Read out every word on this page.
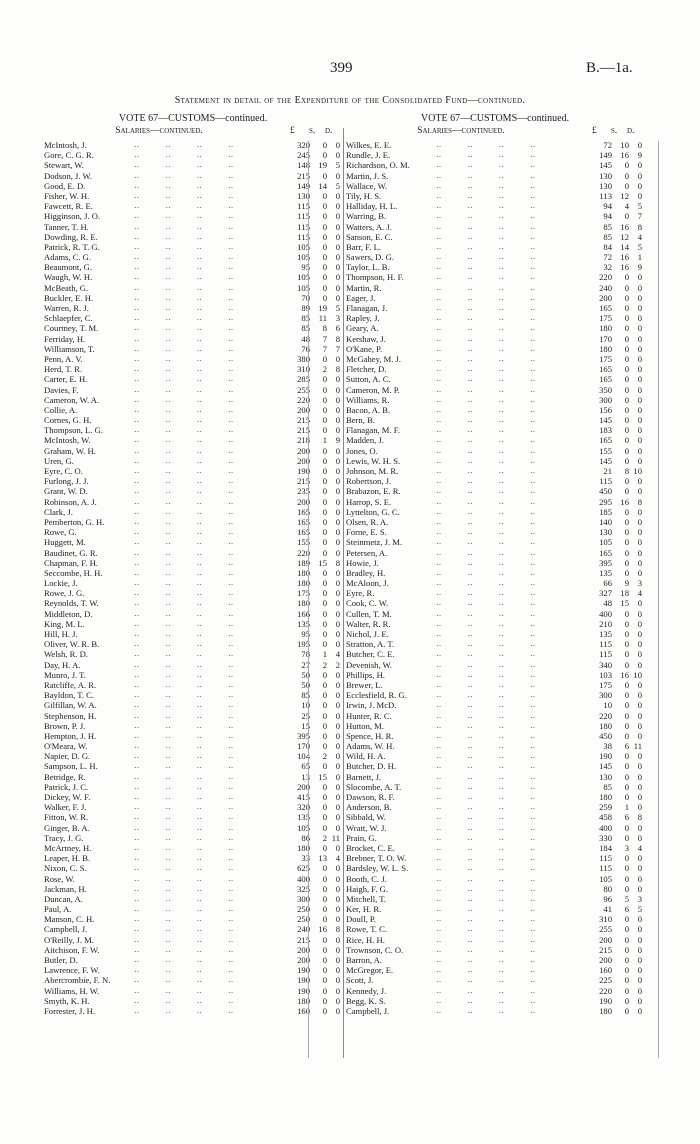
399	B.—1a.
Statement in detail of the Expenditure of the Consolidated Fund—continued.
VOTE 67—CUSTOMS—continued.
Salaries—continued.	£ s. d.
McIntosh, J.	320	0	0
‥‥‥‥
Gore, C. G. R.	245	0	0
‥‥‥‥
Stewart, W.	148 19	5
‥‥‥‥
Dodson, J. W.	215	0	0
‥‥‥‥
Good, E. D.	149 14	5
‥‥‥‥
Fisher, W. H.	130	0	0
‥‥‥‥
Fawcett, R. E.	115	0	0
‥‥‥‥
Higginson, J. O.	115	0	0
‥‥‥‥
Tanner, T. H.	115	0	0
‥‥‥‥
Dowding, R. E.	115	0	0
‥‥‥‥
Patrick, R. T. G.	105	0	0
‥‥‥‥
Adams, C. G.	105	0	0
‥‥‥‥
Beaumont, G.	95	0	0
‥‥‥‥
Waugh, W. H.	105	0	0
‥‥‥‥
McBeath, G.	105	0	0
‥‥‥‥
Buckler, E. H.	70	0	0
‥‥‥‥
Warren, R. J.	89 19	5
‥‥‥‥
Schlaepfer, C.	85	11	3
‥‥‥‥
Courtney, T. M.	85	8	6
‥‥‥‥
Ferriday, H.	48	7	8
‥‥‥‥
Williamson, T.	76	7	7
‥‥‥‥
Penn, A. V.	380	0	0
‥‥‥‥
Herd, T. R.	310	2	8
‥‥‥‥
Carter, E. H.	285	0	0
‥‥‥‥
Davies, F.	255	0	0
‥‥‥‥
Cameron, W. A.	220	0	0
‥‥‥‥
Collie, A.	200	0	0
‥‥‥‥
Cornes, G. H.	215	0	0
‥‥‥‥
Thompson, L. G.	215	0	0
‥‥‥‥
McIntosh, W.	218	1	9
‥‥‥‥
Graham, W. H.	200	0	0
‥‥‥‥
Uren, G.	200	0	0
‥‥‥‥
Eyre, C. O.	190	0	0
‥‥‥‥
Furlong, J. J.	215	0	0
‥‥‥‥
Grant, W. D.	235	0	0
‥‥‥‥
Robinson, A. J.	200	0	0
‥‥‥‥
Clark, J.	165	0	0
‥‥‥‥
Pemberton, G. H.	165	0	0
‥‥‥‥
Rowe, G.	165	0	0
‥‥‥‥
Huggett, M.	155	0	0
‥‥‥‥
Baudinet, G. R.	220	0	0
‥‥‥‥
Chapman, F. H.	189 15	8
‥‥‥‥
Seccombe, H. H.	180	0	0
‥‥‥‥
Lockie, J.	180	0	0
‥‥‥‥
Rowe, J. G.	175	0	0
‥‥‥‥
Reynolds, T. W.	180	0	0
‥‥‥‥
Middleton, D.	166	0	0
‥‥‥‥
King, M. L.	135	0	0
‥‥‥‥
Hill, H. J.	95	0	0
‥‥‥‥
Oliver, W. R. B.	195	0	0
‥‥‥‥
Welsh, R. D.	78	1	4
‥‥‥‥
Day, H. A.	27	2	2
‥‥‥‥
Munro, J. T.	50	0	0
‥‥‥‥
Ratcliffe, A. R.	50	0	0
‥‥‥‥
Bayldon, T. C.	85	0	0
‥‥‥‥
Gilfillan, W. A.	10	0	0
‥‥‥‥
Stephenson, H.	25	0	0
‥‥‥‥
Brown, P. J.	15	0	0
‥‥‥‥
Hempton, J. H.	395	0	0
‥‥‥‥
O'Meara, W.	170	0	0
‥‥‥‥
Napier, D. G.	104	2	0
‥‥‥‥
Sampson, L. H.	65	0	0
‥‥‥‥
Betridge, R.	13 15	0
‥‥‥‥
Patrick, J. C.	200	0	0
‥‥‥‥
Dickey, W. F.	415	0	0
‥‥‥‥
Walker, F. J.	320	0	0
‥‥‥‥
Fitton, W. R.	135	0	0
‥‥‥‥
Ginger, B. A.	105	0	0
‥‥‥‥
Tracy, J. G.	86	2 11
‥‥‥‥
McArtney, H.	180	0	0
‥‥‥‥
Leaper, H. B.	33 13	4
‥‥‥‥
Nixon, C. S.	625	0	0
‥‥‥‥
Rose, W.	400	0	0
‥‥‥‥
Jackman, H.	325	0	0
‥‥‥‥
Duncan, A.	300	0	0
‥‥‥‥
Paul, A.	250	0	0
‥‥‥‥
Manson, C. H.	250	0	0
‥‥‥‥
Campbell, J.	240 16	8
‥‥‥‥
O'Reilly, J. M.	215	0	0
‥‥‥‥
Aitchison, F. W.	200	0	0
‥‥‥‥
Butler, D.	200	0	0
‥‥‥‥
Lawrence, F. W.	190	0	0
‥‥‥‥
Abercrombie, F. N.	190	0	0
‥‥‥‥
Williams, H. W.	190	0	0
‥‥‥‥
Smyth, K. H.	180	0	0
‥‥‥‥
Forrester, J. H.	160	0	0
‥‥‥‥
VOTE 67—CUSTOMS—continued.
Salaries—continued.	£ s. d.
Wilkes, E. E.	72 10	0
‥‥‥‥
Rundle, J. E.	149 16	9
‥‥‥‥
Richardson, O. M.	145	0	0
‥‥‥‥
Martin, J. S.	130	0	0
‥‥‥‥
Wallace, W.	130	0	0
‥‥‥‥
Tily, H. S.	113 12	0
‥‥‥‥
Halliday, H. L.	94	4	5
‥‥‥‥
Warring, B.	94	0	7
‥‥‥‥
Watters, A. J.	85 16	8
‥‥‥‥
Sanson, E. C.	85 12	4
‥‥‥‥
Barr, F. L.	84 14	5
‥‥‥‥
Sawers, D. G.	72 16	1
‥‥‥‥
Taylor, L. B.	32 16	9
‥‥‥‥
Thompson, H. F.	220	0	0
‥‥‥‥
Martin, R.	240	0	0
‥‥‥‥
Eager, J.	200	0	0
‥‥‥‥
Flanagan, J.	165	0	0
‥‥‥‥
Rapley, J.	175	0	0
‥‥‥‥
Geary, A.	180	0	0
‥‥‥‥
Kershaw, J.	170	0	0
‥‥‥‥
O'Kane, P.	180	0	0
‥‥‥‥
McGahey, M. J.	175	0	0
‥‥‥‥
Fletcher, D.	165	0	0
‥‥‥‥
Sutton, A. C.	165	0	0
‥‥‥‥
Cameron, M. P.	350	0	0
‥‥‥‥
Williams, R.	300	0	0
‥‥‥‥
Bacon, A. B.	156	0	0
‥‥‥‥
Bern, B.	145	0	0
‥‥‥‥
Flanagan, M. F.	183	0	0
‥‥‥‥
Madden, J.	165	0	0
‥‥‥‥
Jones, O.	155	0	0
‥‥‥‥
Lewis, W. H. S.	145	0	0
‥‥‥‥
Johnson, M. R.	21	8 10
‥‥‥‥
Robertson, J.	115	0	0
‥‥‥‥
Brabazon, E. R.	450	0	0
‥‥‥‥
Harrop, S. E.	295 16	8
‥‥‥‥
Lyttelton, G. C.	185	0	0
‥‥‥‥
Olsen, R. A.	140	0	0
‥‥‥‥
Forne, E. S.	130	0	0
‥‥‥‥
Steinmetz, J. M.	105	0	0
‥‥‥‥
Petersen, A.	165	0	0
‥‥‥‥
Howie, J.	395	0	0
‥‥‥‥
Bradley, H.	135	0	0
‥‥‥‥
McAloon, J.	66	9	3
‥‥‥‥
Eyre, R.	327 18	4
‥‥‥‥
Cook, C. W.	48 15	0
‥‥‥‥
Cullen, T. M.	400	0	0
‥‥‥‥
Walter, R. R.	210	0	0
‥‥‥‥
Nichol, J. E.	135	0	0
‥‥‥‥
Stratton, A. T.	115	0	0
‥‥‥‥
Butcher, C. E.	115	0	0
‥‥‥‥
Devenish, W.	340	0	0
‥‥‥‥
Phillips, H.	103 16 10
‥‥‥‥
Brewer, L.	175	0	0
‥‥‥‥
Ecclesfield, R. G.	300	0	0
‥‥‥‥
Irwin, J. McD.	10	0	0
‥‥‥‥
Hunter, R. C.	220	0	0
‥‥‥‥
Hutton, M.	180	0	0
‥‥‥‥
Spence, H. R.	450	0	0
‥‥‥‥
Adams, W. H.	38	6 11
‥‥‥‥
Wild, H. A.	190	0	0
‥‥‥‥
Butcher, D. H.	145	0	0
‥‥‥‥
Barnett, J.	130	0	0
‥‥‥‥
Slocombe, A. T.	85	0	0
‥‥‥‥
Dawson, R. F.	180	0	0
‥‥‥‥
Anderson, B.	259	1	0
‥‥‥‥
Sibbald, W.	458	6	8
‥‥‥‥
Wratt, W. J.	400	0	0
‥‥‥‥
Prain, G.	330	0	0
‥‥‥‥
Brocket, C. E.	184	3	4
‥‥‥‥
Brebner, T. O. W.	115	0	0
‥‥‥‥
Bardsley, W. L. S.	115	0	0
‥‥‥‥
Booth, C. J.	105	0	0
‥‥‥‥
Haigh, F. G.	80	0	0
‥‥‥‥
Mitchell, T.	96	5	3
‥‥‥‥
Ker, H. R.	41	6	5
‥‥‥‥
Doull, P.	310	0	0
‥‥‥‥
Rowe, T. C.	255	0	0
‥‥‥‥
Rice, H. H.	200	0	0
‥‥‥‥
Trownson, C. O.	215	0	0
‥‥‥‥
Barron, A.	200	0	0
‥‥‥‥
McGregor, E.	160	0	0
‥‥‥‥
Scott, J.	225	0	0
‥‥‥‥
Kennedy, J.	220	0	0
‥‥‥‥
Begg, K. S.	190	0	0
‥‥‥‥
Campbell, J.	180	0	0
‥‥‥‥
